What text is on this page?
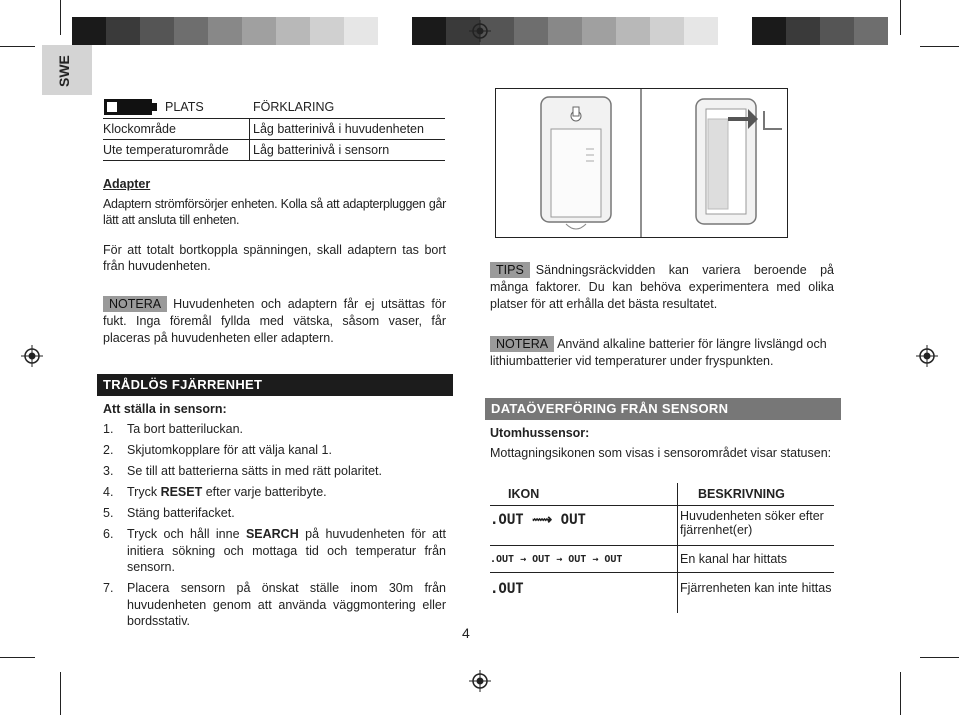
SWE
PLATS	FÖRKLARING
Klockområde	Låg batterinivå i huvudenheten
Ute temperaturområde	Låg batterinivå i sensorn
Adapter
Adaptern strömförsörjer enheten. Kolla så att adapterpluggen går lätt att ansluta till enheten.
För att totalt bortkoppla spänningen, skall adaptern tas bort från huvudenheten.
NOTERA Huvudenheten och adaptern får ej utsättas för fukt. Inga föremål fyllda med vätska, såsom vaser, får placeras på huvudenheten eller adaptern.
TRÅDLÖS FJÄRRENHET
Att ställa in sensorn:
1.	Ta bort batteriluckan.
2.	Skjutomkopplare för att välja kanal 1.
3.	Se till att batterierna sätts in med rätt polaritet.
4.	Tryck RESET efter varje batteribyte.
5.	Stäng batterifacket.
6.	Tryck och håll inne SEARCH på huvudenheten för att initiera sökning och mottaga tid och temperatur från sensorn.
7.	Placera sensorn på önskat ställe inom 30m från huvudenheten genom att använda väggmontering eller bordsstativ.
4
TIPS Sändningsräckvidden kan variera beroende på många faktorer. Du kan behöva experimentera med olika platser för att erhålla det bästa resultatet.
NOTERA Använd alkaline batterier för längre livslängd och lithiumbatterier vid temperaturer under fryspunkten.
DATAÖVERFÖRING FRÅN SENSORN
Utomhussensor:
Mottagningsikonen som visas i sensorområdet visar statusen:
IKON	BESKRIVNING
.OUT ⟿ OUT	Huvudenheten söker efter fjärrenhet(er)
.OUT → OUT → OUT → OUT	En kanal har hittats
.OUT	Fjärrenheten kan inte hittas
